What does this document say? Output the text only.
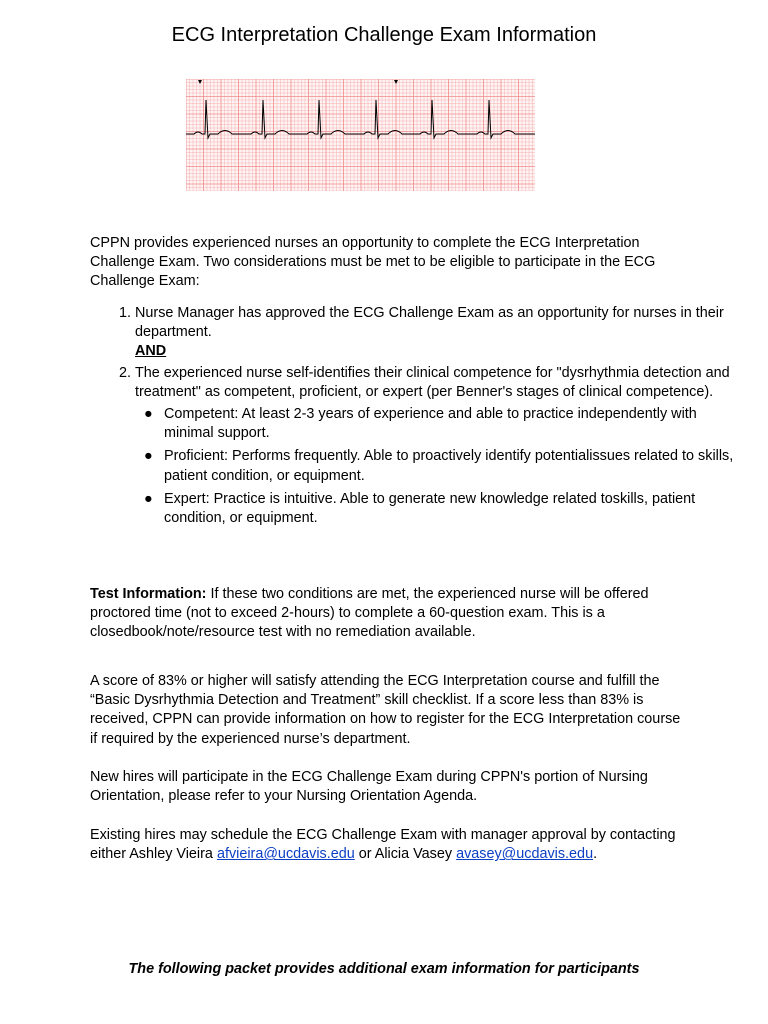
ECG Interpretation Challenge Exam Information

CPPN provides experienced nurses an opportunity to complete the ECG Interpretation Challenge Exam. Two considerations must be met to be eligible to participate in the ECG Challenge Exam:

1. Nurse Manager has approved the ECG Challenge Exam as an opportunity for nurses in their department.
AND
2. The experienced nurse self-identifies their clinical competence for "dysrhythmia detection and treatment" as competent, proficient, or expert (per Benner's stages of clinical competence).
● Competent: At least 2-3 years of experience and able to practice independently with minimal support.
● Proficient: Performs frequently. Able to proactively identify potentialissues related to skills, patient condition, or equipment.
● Expert: Practice is intuitive. Able to generate new knowledge related toskills, patient condition, or equipment.

Test Information: If these two conditions are met, the experienced nurse will be offered proctored time (not to exceed 2-hours) to complete a 60-question exam. This is a closedbook/note/resource test with no remediation available.

A score of 83% or higher will satisfy attending the ECG Interpretation course and fulfill the “Basic Dysrhythmia Detection and Treatment” skill checklist. If a score less than 83% is received, CPPN can provide information on how to register for the ECG Interpretation course if required by the experienced nurse’s department.

New hires will participate in the ECG Challenge Exam during CPPN's portion of Nursing Orientation, please refer to your Nursing Orientation Agenda.

Existing hires may schedule the ECG Challenge Exam with manager approval by contacting either Ashley Vieira afvieira@ucdavis.edu or Alicia Vasey avasey@ucdavis.edu.

The following packet provides additional exam information for participants
